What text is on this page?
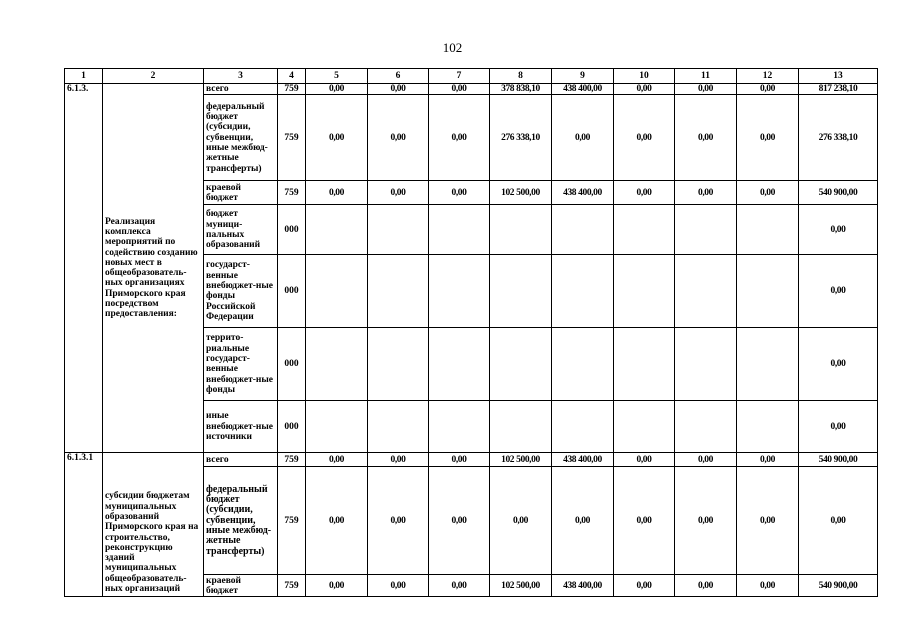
102
1	2	3	4	5	6	7	8	9	10	11	12	13
6.1.3.	Реализация комплекса мероприятий по содействию созданию новых мест в общеобразователь-ных организациях Приморского края посредством предоставления:	всего	759	0,00	0,00	0,00	378 838,10	438 400,00	0,00	0,00	0,00	817 238,10
		федеральный бюджет (субсидии, субвенции, иные межбюд-жетные трансферты)	759	0,00	0,00	0,00	276 338,10	0,00	0,00	0,00	0,00	276 338,10
		краевой бюджет	759	0,00	0,00	0,00	102 500,00	438 400,00	0,00	0,00	0,00	540 900,00
		бюджет муници-пальных образований	000									0,00
		государст-венные внебюджет-ные фонды Российской Федерации	000									0,00
		террито-риальные государст-венные внебюджет-ные фонды	000									0,00
		иные внебюджет-ные источники	000									0,00
6.1.3.1	субсидии бюджетам муниципальных образований Приморского края на строительство, реконструкцию зданий муниципальных общеобразователь-ных организаций	всего	759	0,00	0,00	0,00	102 500,00	438 400,00	0,00	0,00	0,00	540 900,00
		федеральный бюджет (субсидии, субвенции, иные межбюд-жетные трансферты)	759	0,00	0,00	0,00	0,00	0,00	0,00	0,00	0,00	0,00
		краевой бюджет	759	0,00	0,00	0,00	102 500,00	438 400,00	0,00	0,00	0,00	540 900,00
